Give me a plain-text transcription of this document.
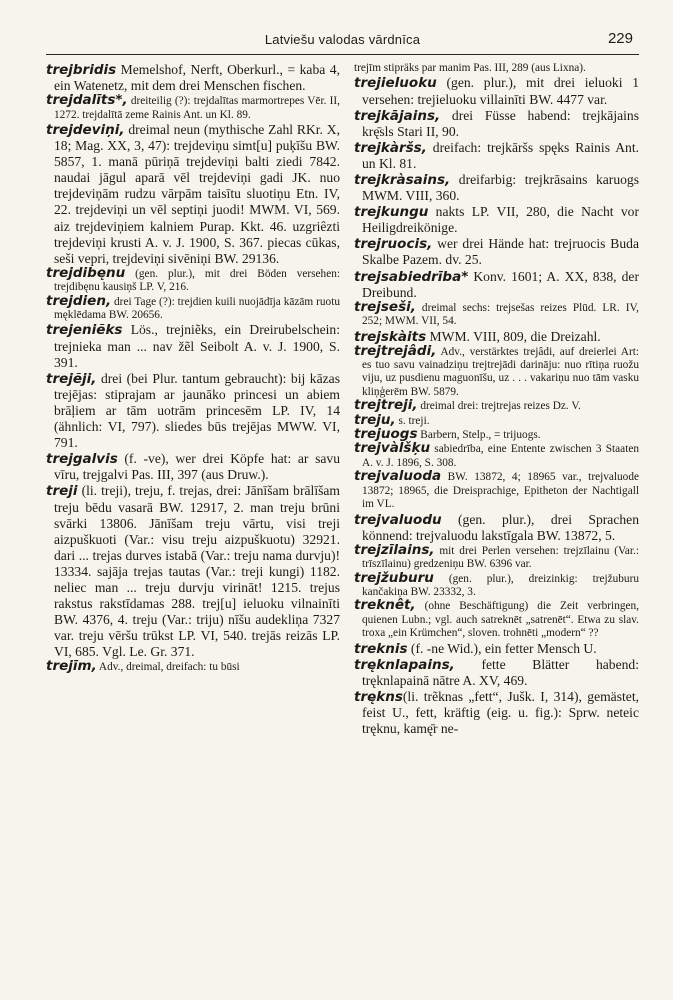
Latviešu valodas vārdnīca	229

trejbridis Memelshof, Nerft, Oberkurl., = kaba 4, ein Watenetz, mit dem drei Menschen fischen.

trejdalīts*, dreiteilig (?): trejdalītas marmortrepes Vēr. II, 1272. trejdalītā zeme Rainis Ant. un Kl. 89.

trejdeviņi, dreimal neun (mythische Zahl RKr. X, 18; Mag. XX, 3, 47): trejdeviņu simt[u] puķīšu BW. 5857, 1. manā pūriņā trejdeviņi balti ziedi 7842. naudai jāgul aparā vēl trejdeviņi gadi JK. nuo trejdeviņām rudzu vārpām taisītu sluotiņu Etn. IV, 22. trejdeviņi un vēl septiņi juodi! MWM. VI, 569. aiz trejdeviņiem kalniem Purap. Kkt. 46. uzgriêzti trejdeviņi krusti A. v. J. 1900, S. 367. piecas cūkas, seši vepri, trejdeviņi sivēniņi BW. 29136.

trejdibęnu (gen. plur.), mit drei Böden versehen: trejdibęnu kausiņš LP. V, 216.

trejdien, drei Tage (?): trejdien kuili nuojādīja kāzām ruotu męklēdama BW. 20656.

trejeniẽks Lös., trejniẽks, ein Dreirubelschein: trejnieka man ... nav žẽl Seibolt A. v. J. 1900, S. 391.

trejẽji, drei (bei Plur. tantum gebraucht): bij kāzas trejējas: stiprajam ar jaunāko princesi un abiem brāļiem ar tām uotrām princesēm LP. IV, 14 (ähnlich: VI, 797). sliedes būs trejējas MWW. VI, 791.

trejgalvis (f. -ve), wer drei Köpfe hat: ar savu vīru, trejgalvi Pas. III, 397 (aus Druw.).

treji (li. treji), treju, f. trejas, drei: Jānīšam brālīšam treju bēdu vasarā BW. 12917, 2. man treju brūni svārki 13806. Jānīšam treju vārtu, visi treji aizpuškuoti (Var.: visu treju aizpuškuotu) 32921. dari ... trejas durves istabā (Var.: treju nama durvju)! 13334. sajāja trejas tautas (Var.: treji kungi) 1182. neliec man ... treju durvju virināt! 1215. trejus rakstus rakstīdamas 288. trej[u] ieluoku vilnainīti BW. 4376, 4. treju (Var.: triju) nīšu audekliņa 7327 var. treju vēršu trūkst LP. VI, 540. trejās reizās LP. VI, 685. Vgl. Le. Gr. 371.

trejīm, Adv., dreimal, dreifach: tu būsi

trejīm stipräks par manim Pas. III, 289 (aus Lixna).

trejieluoku (gen. plur.), mit drei ieluoki 1 versehen: trejieluoku villainīti BW. 4477 var.

trejkājains, drei Füsse habend: trejkājains krę̄sls Stari II, 90.

trejkàršs, dreifach: trejkāršs spęks Rainis Ant. un Kl. 81.

trejkràsains, dreifarbig: trejkrāsains karuogs MWM. VIII, 360.

trejkungu nakts LP. VII, 280, die Nacht vor Heiligdreikönige.

trejruocis, wer drei Hände hat: trejruocis Buda Skalbe Pazem. dv. 25.

trejsabiedrība* Konv. 1601; A. XX, 838, der Dreibund.

trejseši, dreimal sechs: trejsešas reizes Plūd. LR. IV, 252; MWM. VII, 54.

trejskàits MWM. VIII, 809, die Dreizahl.

trejtrejâdi, Adv., verstärktes trejâdi, auf dreierlei Art: es tuo savu vainadziņu trejtrejādi darināju: nuo rītiņa ruožu viju, uz pusdienu maguonīšu, uz . . . vakariņu nuo tām vasku kliņģerēm BW. 5879.

trejtreji, dreimal drei: trejtrejas reizes Dz. V.

treju, s. treji.

trejuogs Barbern, Stelp., = trijuogs.

trejvàlšķu sabiedrība, eine Entente zwischen 3 Staaten A. v. J. 1896, S. 308.

trejvaluoda BW. 13872, 4; 18965 var., trejvaluode 13872; 18965, die Dreisprachige, Epitheton der Nachtigall im VL.

trejvaluodu (gen. plur.), drei Sprachen könnend: trejvaluodu lakstīgala BW. 13872, 5.

trejzīlains, mit drei Perlen versehen: trejzīlainu (Var.: trīszīlainu) gredzeniņu BW. 6396 var.

trejžuburu (gen. plur.), dreizinkig: trejžuburu kančakiņa BW. 23332, 3.

treknêt, (ohne Beschäftigung) die Zeit verbringen, quienen Lubn.; vgl. auch satreknēt „satrenēt“. Etwa zu slav. troxa „ein Krümchen“, sloven. trohnēti „modern“ ??

treknis (f. -ne Wid.), ein fetter Mensch U.

tręknlapains, fette Blätter habend: tręknlapainā nātre A. XV, 469.

trękns(li. trẽknas „fett“, Jušk. I, 314), gemästet, feist U., fett, kräftig (eig. u. fig.): Sprw. neteic tręknu, kamę̄r ne-
